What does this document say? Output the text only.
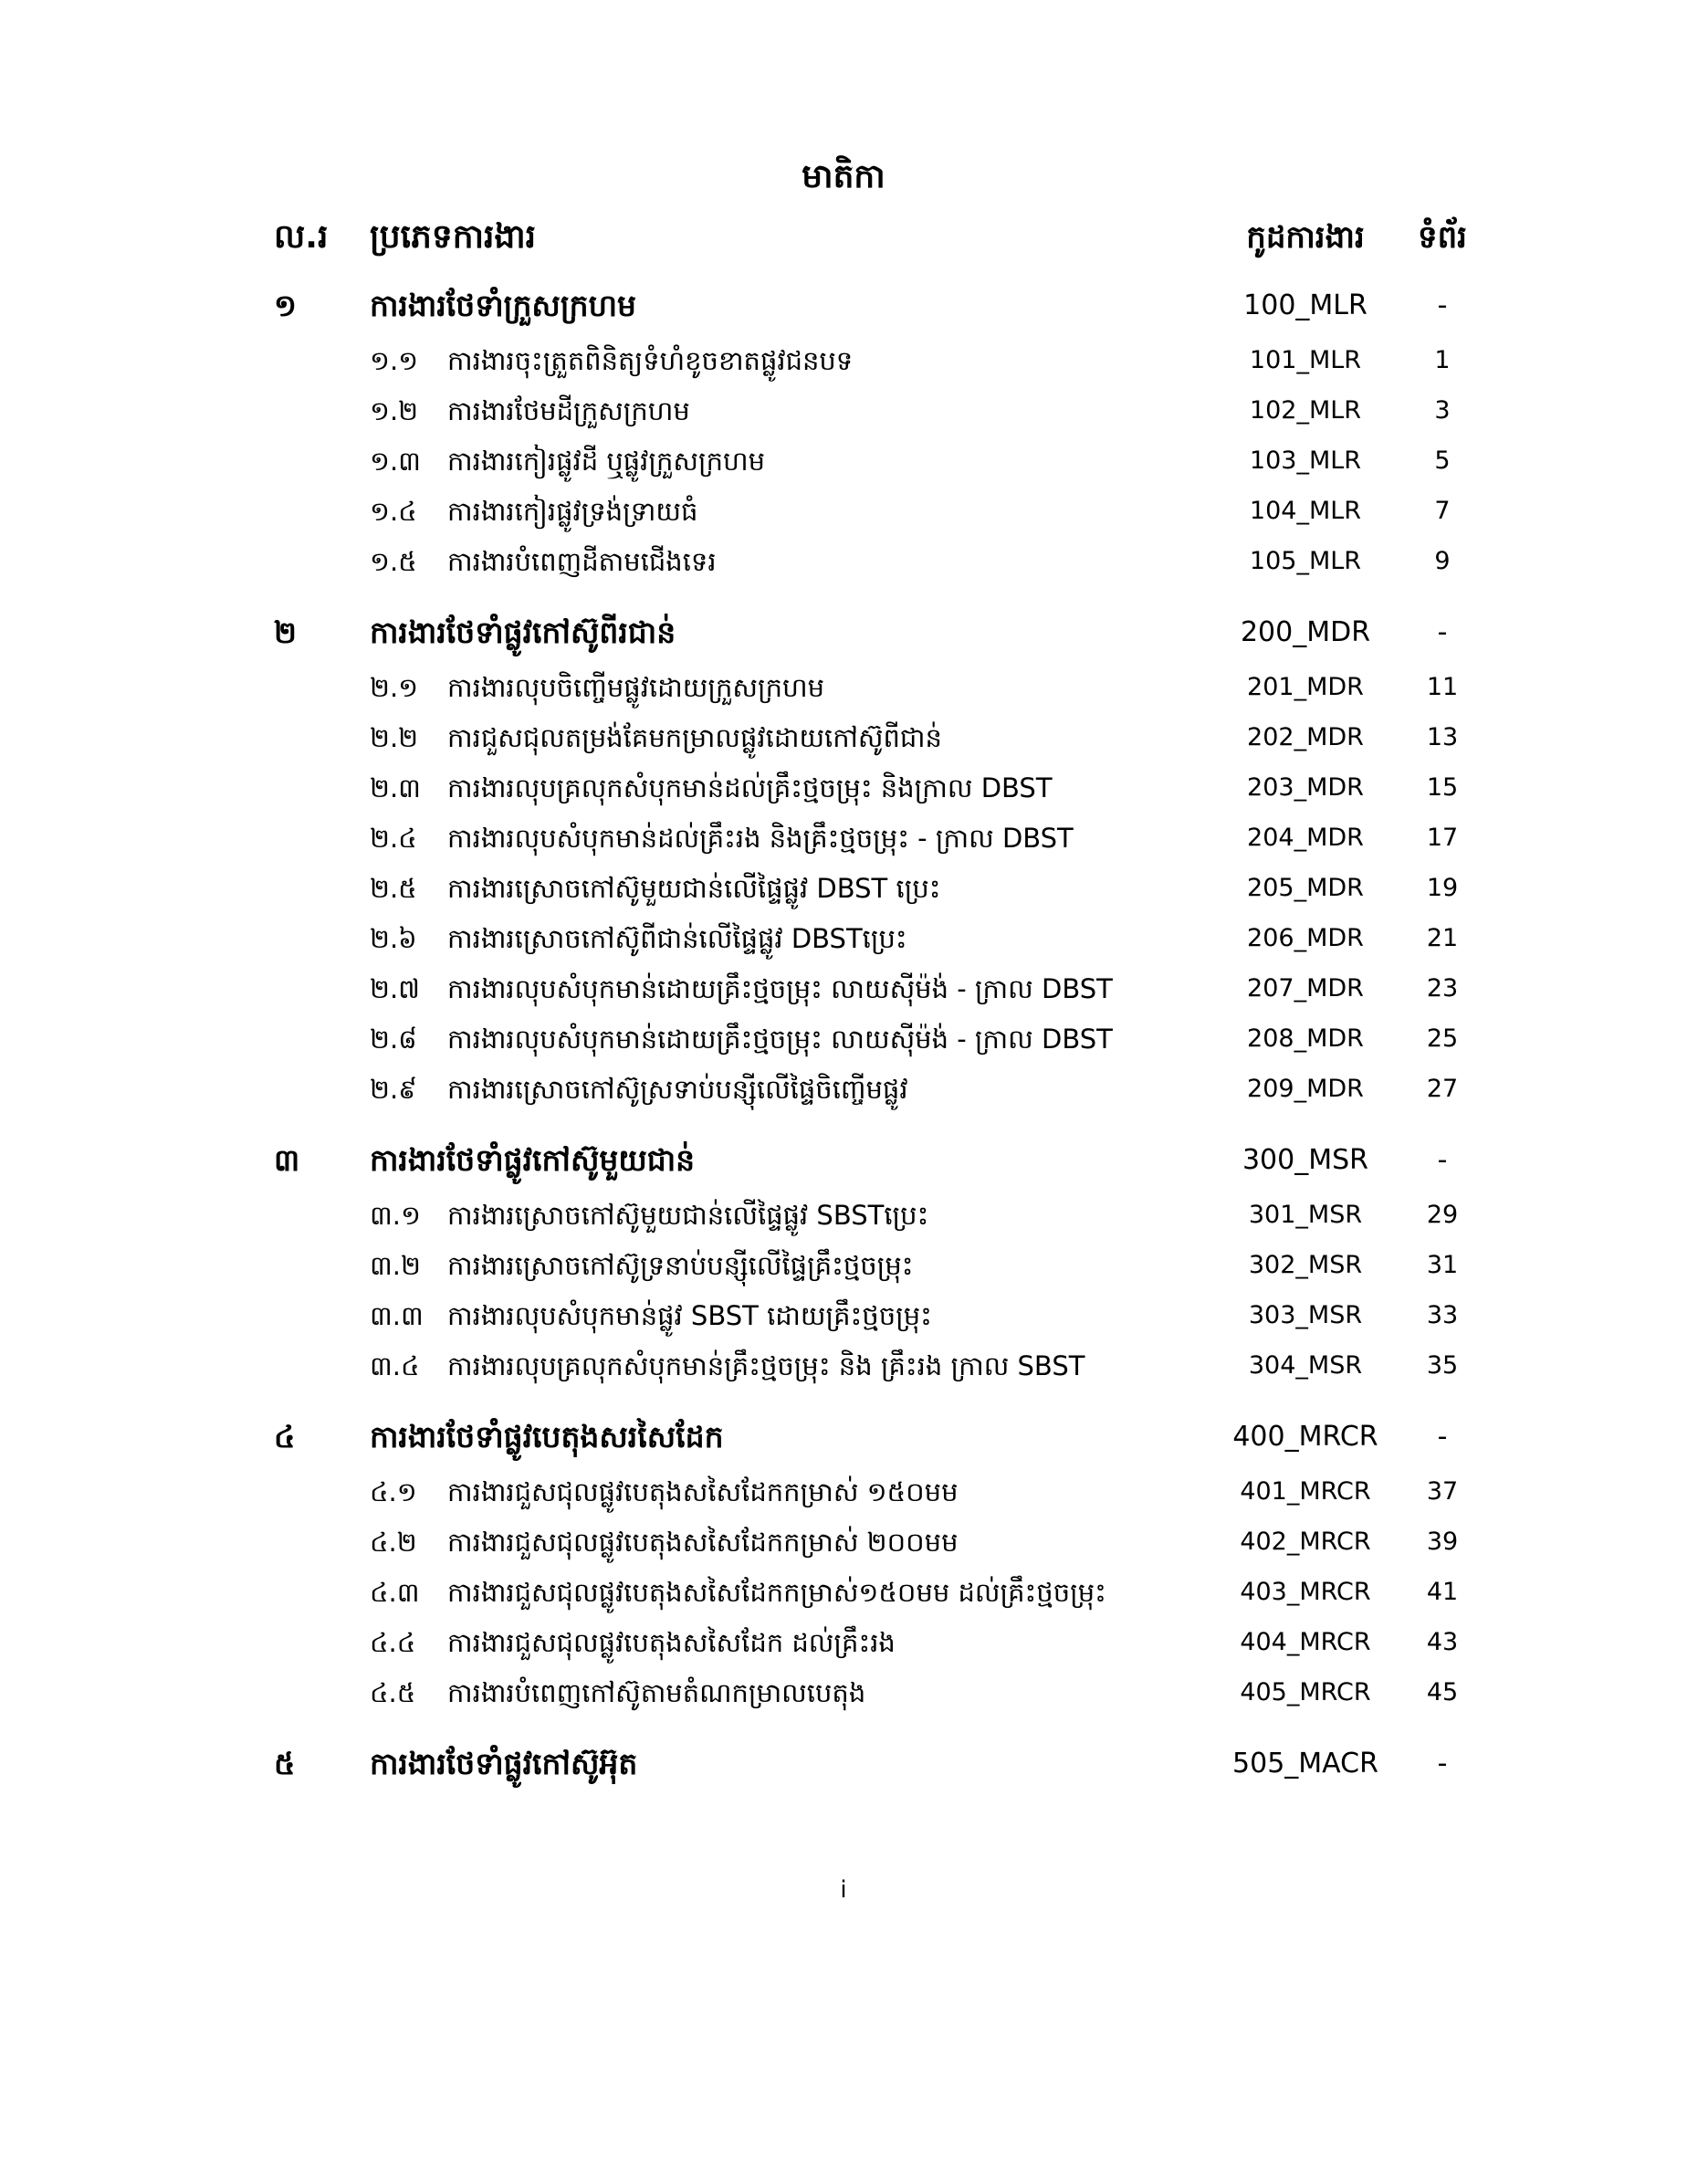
មាតិកា
ល.រ ប្រភេទការងារ	កូដការងារ	ទំព័រ
១ ការងារថែទាំក្រួសក្រហម	100_MLR	-
១.១ ការងារចុះត្រួតពិនិត្យទំហំខូចខាតផ្លូវជនបទ	101_MLR	1
១.២ ការងារថែមដីក្រួសក្រហម	102_MLR	3
១.៣ ការងារកៀរផ្លូវដី ឬផ្លូវក្រួសក្រហម	103_MLR	5
១.៤ ការងារកៀរផ្លូវទ្រង់ទ្រាយធំ	104_MLR	7
១.៥ ការងារបំពេញដីតាមជើងទេរ	105_MLR	9
២ ការងារថែទាំផ្លូវកៅស៊ូពីរជាន់	200_MDR	-
២.១ ការងារលុបចិញ្ចើមផ្លូវដោយក្រួសក្រហម	201_MDR	11
២.២ ការជួសជុលតម្រង់គែមកម្រាលផ្លូវដោយកៅស៊ូពីជាន់	202_MDR	13
២.៣ ការងារលុបគ្រលុកសំបុកមាន់ដល់គ្រឹះថ្មចម្រុះ និងក្រាល DBST	203_MDR	15
២.៤ ការងារលុបសំបុកមាន់ដល់គ្រឹះរង និងគ្រឹះថ្មចម្រុះ - ក្រាល DBST	204_MDR	17
២.៥ ការងារស្រោចកៅស៊ូមួយជាន់លើផ្ទៃផ្លូវ DBST ប្រេះ	205_MDR	19
២.៦ ការងារស្រោចកៅស៊ូពីជាន់លើផ្ទៃផ្លូវ DBSTប្រេះ	206_MDR	21
២.៧ ការងារលុបសំបុកមាន់ដោយគ្រឹះថ្មចម្រុះ លាយស៊ីម៉ង់ - ក្រាល DBST	207_MDR	23
២.៨ ការងារលុបសំបុកមាន់ដោយគ្រឹះថ្មចម្រុះ លាយស៊ីម៉ង់ - ក្រាល DBST	208_MDR	25
២.៩ ការងារស្រោចកៅស៊ូស្រទាប់បន្ស៊ីលើផ្ទៃចិញ្ចើមផ្លូវ	209_MDR	27
៣ ការងារថែទាំផ្លូវកៅស៊ូមួយជាន់	300_MSR	-
៣.១ ការងារស្រោចកៅស៊ូមួយជាន់លើផ្ទៃផ្លូវ SBSTប្រេះ	301_MSR	29
៣.២ ការងារស្រោចកៅស៊ូទ្រនាប់បន្ស៊ីលើផ្ទៃគ្រឹះថ្មចម្រុះ	302_MSR	31
៣.៣ ការងារលុបសំបុកមាន់ផ្លូវ SBST ដោយគ្រឹះថ្មចម្រុះ	303_MSR	33
៣.៤ ការងារលុបគ្រលុកសំបុកមាន់គ្រឹះថ្មចម្រុះ និង គ្រឹះរង ក្រាល SBST	304_MSR	35
៤ ការងារថែទាំផ្លូវបេតុងសរសៃដែក	400_MRCR	-
៤.១ ការងារជួសជុលផ្លូវបេតុងសសៃដែកកម្រាស់ ១៥០មម	401_MRCR	37
៤.២ ការងារជួសជុលផ្លូវបេតុងសសៃដែកកម្រាស់ ២០០មម	402_MRCR	39
៤.៣ ការងារជួសជុលផ្លូវបេតុងសសៃដែកកម្រាស់១៥០មម ដល់គ្រឹះថ្មចម្រុះ	403_MRCR	41
៤.៤ ការងារជួសជុលផ្លូវបេតុងសសៃដែក ដល់គ្រឹះរង	404_MRCR	43
៤.៥ ការងារបំពេញកៅស៊ូតាមតំណកម្រាលបេតុង	405_MRCR	45
៥ ការងារថែទាំផ្លូវកៅស៊ូអ៊ុត	505_MACR	-
i
